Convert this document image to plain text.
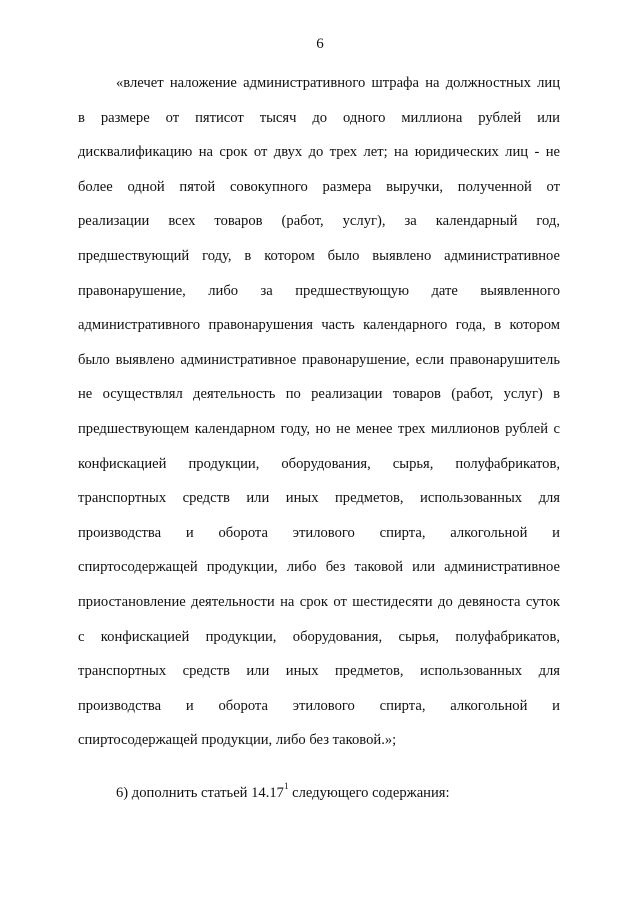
6
«влечет наложение административного штрафа на должностных лиц
в размере от пятисот тысяч до одного миллиона рублей или
дисквалификацию на срок от двух до трех лет; на юридических лиц - не
более одной пятой совокупного размера выручки, полученной от
реализации всех товаров (работ, услуг), за календарный год,
предшествующий году, в котором было выявлено административное
правонарушение, либо за предшествующую дате выявленного
административного правонарушения часть календарного года, в котором
было выявлено административное правонарушение, если правонарушитель
не осуществлял деятельность по реализации товаров (работ, услуг) в
предшествующем календарном году, но не менее трех миллионов рублей с
конфискацией продукции, оборудования, сырья, полуфабрикатов,
транспортных средств или иных предметов, использованных для
производства и оборота этилового спирта, алкогольной и
спиртосодержащей продукции, либо без таковой или административное
приостановление деятельности на срок от шестидесяти до девяноста суток
с конфискацией продукции, оборудования, сырья, полуфабрикатов,
транспортных средств или иных предметов, использованных для
производства и оборота этилового спирта, алкогольной и
спиртосодержащей продукции, либо без таковой.»;
6) дополнить статьей 14.17$^1$ следующего содержания:
